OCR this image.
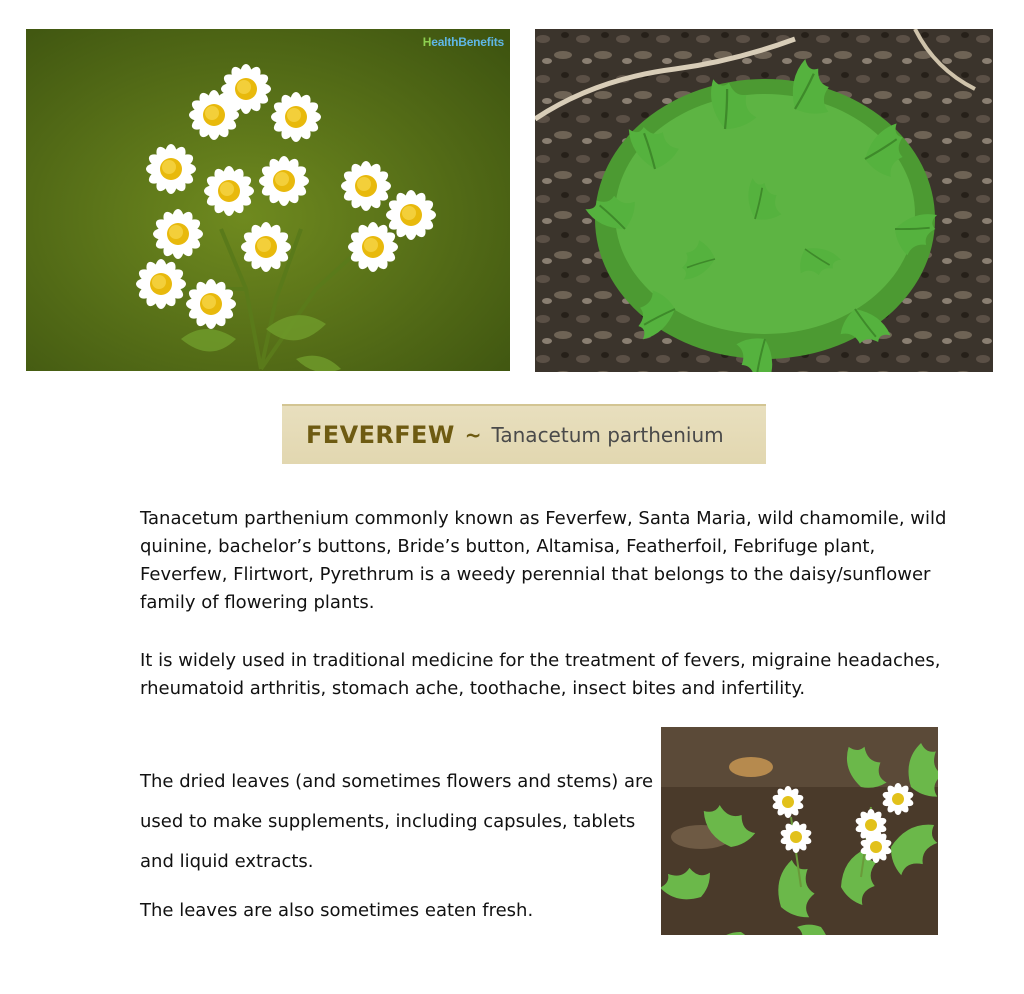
HealthBenefits
FEVERFEW ~ Tanacetum parthenium

Tanacetum parthenium commonly known as Feverfew, Santa Maria, wild chamomile, wild quinine, bachelor’s buttons, Bride’s button, Altamisa, Featherfoil, Febrifuge plant, Feverfew, Flirtwort, Pyrethrum is a weedy perennial that belongs to the daisy/sunflower family of flowering plants.

It is widely used in traditional medicine for the treatment of fevers, migraine headaches, rheumatoid arthritis, stomach ache, toothache, insect bites and infertility.

The dried leaves (and sometimes flowers and stems) are used to make supplements, including capsules, tablets and liquid extracts.

The leaves are also sometimes eaten fresh.
